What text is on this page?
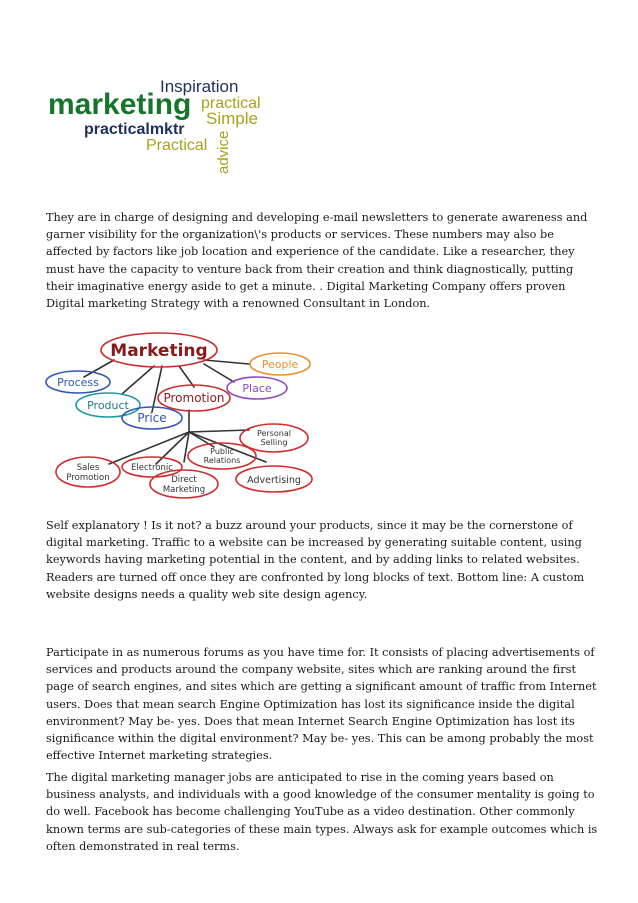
Inspiration
marketing practical
Simple
practicalmktr
Practical advice

They are in charge of designing and developing e-mail newsletters to generate awareness and garner visibility for the organization\'s products or services. These numbers may also be affected by factors like job location and experience of the candidate. Like a researcher, they must have the capacity to venture back from their creation and think diagnostically, putting their imaginative energy aside to get a minute. . Digital Marketing Company offers proven Digital marketing Strategy with a renowned Consultant in London.

Marketing
People
Process	Place
Promotion
Product
Price
Personal
Selling
Public
Relations
Sales
Promotion
Electronic
Direct
Marketing
Advertising

Self explanatory ! Is it not? a buzz around your products, since it may be the cornerstone of digital marketing. Traffic to a website can be increased by generating suitable content, using keywords having marketing potential in the content, and by adding links to related websites. Readers are turned off once they are confronted by long blocks of text. Bottom line: A custom website designs needs a quality web site design agency.

Participate in as numerous forums as you have time for. It consists of placing advertisements of services and products around the company website, sites which are ranking around the first page of search engines, and sites which are getting a significant amount of traffic from Internet users. Does that mean search Engine Optimization has lost its significance inside the digital environment? May be- yes. Does that mean Internet Search Engine Optimization has lost its significance within the digital environment? May be- yes. This can be among probably the most effective Internet marketing strategies.

The digital marketing manager jobs are anticipated to rise in the coming years based on business analysts, and individuals with a good knowledge of the consumer mentality is going to do well. Facebook has become challenging YouTube as a video destination. Other commonly known terms are sub-categories of these main types. Always ask for example outcomes which is often demonstrated in real terms.
